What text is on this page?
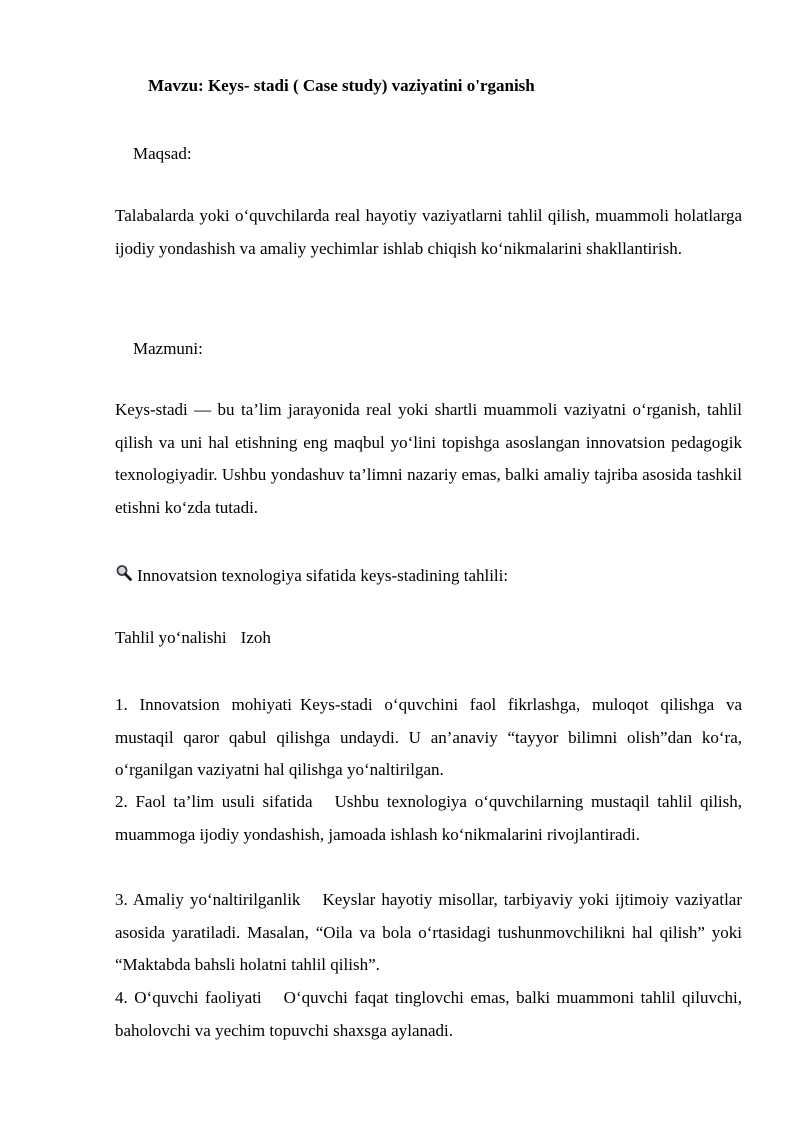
Mavzu: Keys- stadi ( Case study) vaziyatini o'rganish
Maqsad:

Talabalarda yoki o‘quvchilarda real hayotiy vaziyatlarni tahlil qilish, muammoli holatlarga ijodiy yondashish va amaliy yechimlar ishlab chiqish ko‘nikmalarini shakllantirish.

Mazmuni:

Keys-stadi — bu ta’lim jarayonida real yoki shartli muammoli vaziyatni o‘rganish, tahlil qilish va uni hal etishning eng maqbul yo‘lini topishga asoslangan innovatsion pedagogik texnologiyadir. Ushbu yondashuv ta’limni nazariy emas, balki amaliy tajriba asosida tashkil etishni ko‘zda tutadi.

Innovatsion texnologiya sifatida keys-stadining tahlili:
Tahlil yo‘nalishi Izoh

1. Innovatsion mohiyati Keys-stadi o‘quvchini faol fikrlashga, muloqot qilishga va mustaqil qaror qabul qilishga undaydi. U an’anaviy “tayyor bilimni olish”dan ko‘ra, o‘rganilgan vaziyatni hal qilishga yo‘naltirilgan.

2. Faol ta’lim usuli sifatida Ushbu texnologiya o‘quvchilarning mustaqil tahlil qilish, muammoga ijodiy yondashish, jamoada ishlash ko‘nikmalarini rivojlantiradi.

3. Amaliy yo‘naltirilganlik Keyslar hayotiy misollar, tarbiyaviy yoki ijtimoiy vaziyatlar asosida yaratiladi. Masalan, “Oila va bola o‘rtasidagi tushunmovchilikni hal qilish” yoki “Maktabda bahsli holatni tahlil qilish”.

4. O‘quvchi faoliyati O‘quvchi faqat tinglovchi emas, balki muammoni tahlil qiluvchi, baholovchi va yechim topuvchi shaxsga aylanadi.
